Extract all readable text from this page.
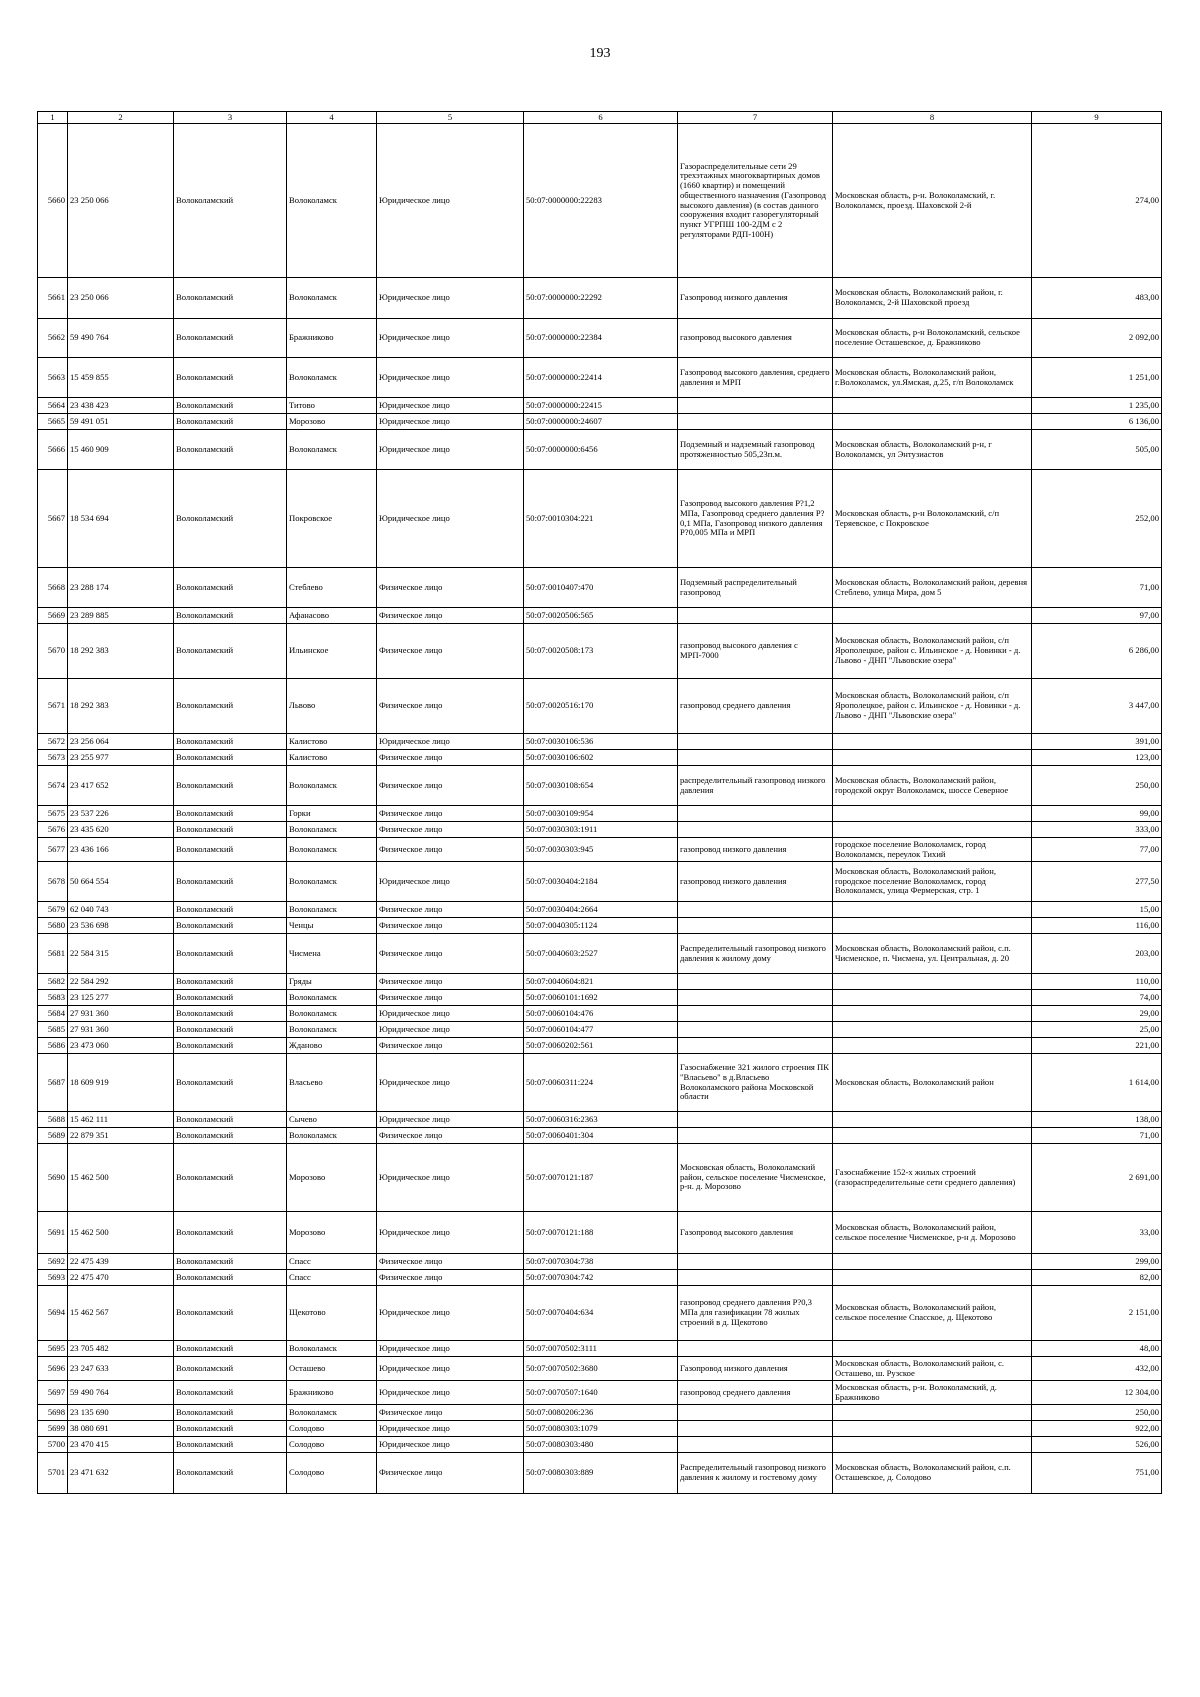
193
1	2	3	4	5	6	7	8	9
5660	23 250 066	Волоколамский	Волоколамск	Юридическое лицо	50:07:0000000:22283	Газораспределительные сети 29 трехэтажных многоквартирных домов (1660 квартир) и помещений общественного назначения (Газопровод высокого давления) (в состав данного сооружения входит газорегуляторный пункт УГРПШ 100-2ДМ с 2 регуляторами РДП-100Н)	Московская область, р-н. Волоколамский, г. Волоколамск, проезд. Шаховской 2-й	274,00
5661	23 250 066	Волоколамский	Волоколамск	Юридическое лицо	50:07:0000000:22292	Газопровод низкого давления	Московская область, Волоколамский район, г. Волоколамск, 2-й Шаховской проезд	483,00
5662	59 490 764	Волоколамский	Бражниково	Юридическое лицо	50:07:0000000:22384	газопровод высокого давления	Московская область, р-н Волоколамский, сельское поселение Осташевское, д. Бражниково	2 092,00
5663	15 459 855	Волоколамский	Волоколамск	Юридическое лицо	50:07:0000000:22414	Газопровод высокого давления, среднего давления и МРП	Московская область, Волоколамский район, г.Волоколамск, ул.Ямская, д.25, г/п Волоколамск	1 251,00
5664	23 438 423	Волоколамский	Титово	Юридическое лицо	50:07:0000000:22415			1 235,00
5665	59 491 051	Волоколамский	Морозово	Юридическое лицо	50:07:0000000:24607			6 136,00
5666	15 460 909	Волоколамский	Волоколамск	Юридическое лицо	50:07:0000000:6456	Подземный и надземный газопровод протяженностью 505,23п.м.	Московская область, Волоколамский р-н, г Волоколамск, ул Энтузиастов	505,00
5667	18 534 694	Волоколамский	Покровское	Юридическое лицо	50:07:0010304:221	Газопровод высокого давления Р?1,2 МПа, Газопровод среднего давления Р?0,1 МПа, Газопровод низкого давления Р?0,005 МПа и МРП	Московская область, р-н Волоколамский, с/п Теряевское, с Покровское	252,00
5668	23 288 174	Волоколамский	Стеблево	Физическое лицо	50:07:0010407:470	Подземный распределительный газопровод	Московская область, Волоколамский район, деревня Стеблево, улица Мира, дом 5	71,00
5669	23 289 885	Волоколамский	Афанасово	Физическое лицо	50:07:0020506:565			97,00
5670	18 292 383	Волоколамский	Ильинское	Физическое лицо	50:07:0020508:173	газопровод высокого давления с МРП-7000	Московская область, Волоколамский район, с/п Ярополецкое, район с. Ильинское - д. Новинки - д. Львово - ДНП "Львовские озера"	6 286,00
5671	18 292 383	Волоколамский	Львово	Физическое лицо	50:07:0020516:170	газопровод среднего давления	Московская область, Волоколамский район, с/п Ярополецкое, район с. Ильинское - д. Новинки - д. Львово - ДНП "Львовские озера"	3 447,00
5672	23 256 064	Волоколамский	Калистово	Юридическое лицо	50:07:0030106:536			391,00
5673	23 255 977	Волоколамский	Калистово	Физическое лицо	50:07:0030106:602			123,00
5674	23 417 652	Волоколамский	Волоколамск	Физическое лицо	50:07:0030108:654	распределительный газопровод низкого давления	Московская область, Волоколамский район, городской округ Волоколамск, шоссе Северное	250,00
5675	23 537 226	Волоколамский	Горки	Физическое лицо	50:07:0030109:954			99,00
5676	23 435 620	Волоколамский	Волоколамск	Физическое лицо	50:07:0030303:1911			333,00
5677	23 436 166	Волоколамский	Волоколамск	Физическое лицо	50:07:0030303:945	газопровод низкого давления	городское поселение Волоколамск, город Волоколамск, переулок Тихий	77,00
5678	50 664 554	Волоколамский	Волоколамск	Юридическое лицо	50:07:0030404:2184	газопровод низкого давления	Московская область, Волоколамский район, городское поселение Волоколамск, город Волоколамск, улица Фермерская, стр. 1	277,50
5679	62 040 743	Волоколамский	Волоколамск	Физическое лицо	50:07:0030404:2664			15,00
5680	23 536 698	Волоколамский	Ченцы	Физическое лицо	50:07:0040305:1124			116,00
5681	22 584 315	Волоколамский	Чисмена	Физическое лицо	50:07:0040603:2527	Распределительный газопровод низкого давления к жилому дому	Московская область, Волоколамский район, с.п. Чисменское, п. Чисмена, ул. Центральная, д. 20	203,00
5682	22 584 292	Волоколамский	Гряды	Физическое лицо	50:07:0040604:821			110,00
5683	23 125 277	Волоколамский	Волоколамск	Физическое лицо	50:07:0060101:1692			74,00
5684	27 931 360	Волоколамский	Волоколамск	Юридическое лицо	50:07:0060104:476			29,00
5685	27 931 360	Волоколамский	Волоколамск	Юридическое лицо	50:07:0060104:477			25,00
5686	23 473 060	Волоколамский	Ждановo	Физическое лицо	50:07:0060202:561			221,00
5687	18 609 919	Волоколамский	Власьево	Юридическое лицо	50:07:0060311:224	Газоснабжение 321 жилого строения ПК "Власьево" в д.Власьево Волоколамского района Московской области	Московская область, Волоколамский район	1 614,00
5688	15 462 111	Волоколамский	Сычево	Юридическое лицо	50:07:0060316:2363			138,00
5689	22 879 351	Волоколамский	Волоколамск	Физическое лицо	50:07:0060401:304			71,00
5690	15 462 500	Волоколамский	Морозово	Юридическое лицо	50:07:0070121:187	Московская область, Волоколамский район, сельское поселение Чисменское, р-н. д. Морозово	Газоснабжение 152-х жилых строений (газораспределительные сети среднего давления)	2 691,00
5691	15 462 500	Волоколамский	Морозово	Юридическое лицо	50:07:0070121:188	Газопровод высокого давления	Московская область, Волоколамский район, сельское поселение Чисменское, р-н д. Морозово	33,00
5692	22 475 439	Волоколамский	Спасс	Физическое лицо	50:07:0070304:738			299,00
5693	22 475 470	Волоколамский	Спасс	Физическое лицо	50:07:0070304:742			82,00
5694	15 462 567	Волоколамский	Щекотово	Юридическое лицо	50:07:0070404:634	газопровод среднего давления Р?0,3 МПа для газификации 78 жилых строений в д. Щекотово	Московская область, Волоколамский район, сельское поселение Спасское, д. Щекотово	2 151,00
5695	23 705 482	Волоколамский	Волоколамск	Юридическое лицо	50:07:0070502:3111			48,00
5696	23 247 633	Волоколамский	Осташево	Юридическое лицо	50:07:0070502:3680	Газопровод низкого давления	Московская область, Волоколамский район, с. Осташево, ш. Рузское	432,00
5697	59 490 764	Волоколамский	Бражниково	Юридическое лицо	50:07:0070507:1640	газопровод среднего давления	Московская область, р-н. Волоколамский, д. Бражниково	12 304,00
5698	23 135 690	Волоколамский	Волоколамск	Физическое лицо	50:07:0080206:236			250,00
5699	38 080 691	Волоколамский	Солодово	Юридическое лицо	50:07:0080303:1079			922,00
5700	23 470 415	Волоколамский	Солодово	Юридическое лицо	50:07:0080303:480			526,00
5701	23 471 632	Волоколамский	Солодово	Физическое лицо	50:07:0080303:889	Распределительный газопровод низкого давления к жилому и гостевому дому	Московская область, Волоколамский район, с.п. Осташевское, д. Солодово	751,00
